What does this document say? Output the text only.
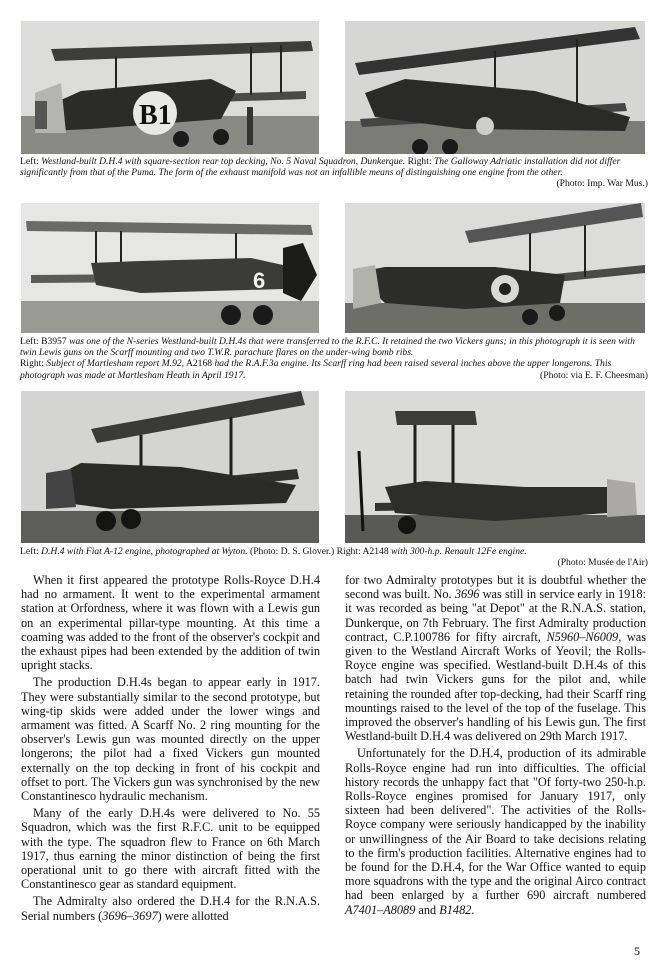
B1
Left: Westland-built D.H.4 with square-section rear top decking, No. 5 Naval Squadron, Dunkerque. Right: The Galloway Adriatic installation did not differ significantly from that of the Puma. The form of the exhaust manifold was not an infallible means of distinguishing one engine from the other.
(Photo: Imp. War Mus.)
6
Left: B3957 was one of the N-series Westland-built D.H.4s that were transferred to the R.F.C. It retained the two Vickers guns; in this photograph it is seen with twin Lewis guns on the Scarff mounting and two T.W.R. parachute flares on the under-wing bomb ribs.
Right: Subject of Martlesham report M.92, A2168 had the R.A.F.3a engine. Its Scarff ring had been raised several inches above the upper longerons. This photograph was made at Martlesham Heath in April 1917.	(Photo: via E. F. Cheesman)
Left: D.H.4 with Fiat A-12 engine, photographed at Wyton. (Photo: D. S. Glover.) Right: A2148 with 300-h.p. Renault 12Fe engine.

(Photo: Musée de l'Air)

When it first appeared the prototype Rolls-Royce D.H.4 had no armament. It went to the experimental armament station at Orfordness, where it was flown with a Lewis gun on an experimental pillar-type mounting. At this time a coaming was added to the front of the observer's cockpit and the exhaust pipes had been extended by the addition of twin upright stacks.

The production D.H.4s began to appear early in 1917. They were substantially similar to the second prototype, but wing-tip skids were added under the lower wings and armament was fitted. A Scarff No. 2 ring mounting for the observer's Lewis gun was mounted directly on the upper longerons; the pilot had a fixed Vickers gun mounted externally on the top decking in front of his cockpit and offset to port. The Vickers gun was synchronised by the new Constantinesco hydraulic mechanism.

Many of the early D.H.4s were delivered to No. 55 Squadron, which was the first R.F.C. unit to be equipped with the type. The squadron flew to France on 6th March 1917, thus earning the minor distinction of being the first operational unit to go there with aircraft fitted with the Constantinesco gear as standard equipment.

The Admiralty also ordered the D.H.4 for the R.N.A.S. Serial numbers (3696–3697) were allotted

for two Admiralty prototypes but it is doubtful whether the second was built. No. 3696 was still in service early in 1918: it was recorded as being "at Depot" at the R.N.A.S. station, Dunkerque, on 7th February. The first Admiralty production contract, C.P.100786 for fifty aircraft, N5960–N6009, was given to the Westland Aircraft Works of Yeovil; the Rolls-Royce engine was specified. Westland-built D.H.4s of this batch had twin Vickers guns for the pilot and, while retaining the rounded after top-decking, had their Scarff ring mountings raised to the level of the top of the fuselage. This improved the observer's handling of his Lewis gun. The first Westland-built D.H.4 was delivered on 29th March 1917.

Unfortunately for the D.H.4, production of its admirable Rolls-Royce engine had run into difficulties. The official history records the unhappy fact that "Of forty-two 250-h.p. Rolls-Royce engines promised for January 1917, only sixteen had been delivered". The activities of the Rolls-Royce company were seriously handicapped by the inability or unwillingness of the Air Board to take decisions relating to the firm's production facilities. Alternative engines had to be found for the D.H.4, for the War Office wanted to equip more squadrons with the type and the original Airco contract had been enlarged by a further 690 aircraft numbered A7401–A8089 and B1482.

5
